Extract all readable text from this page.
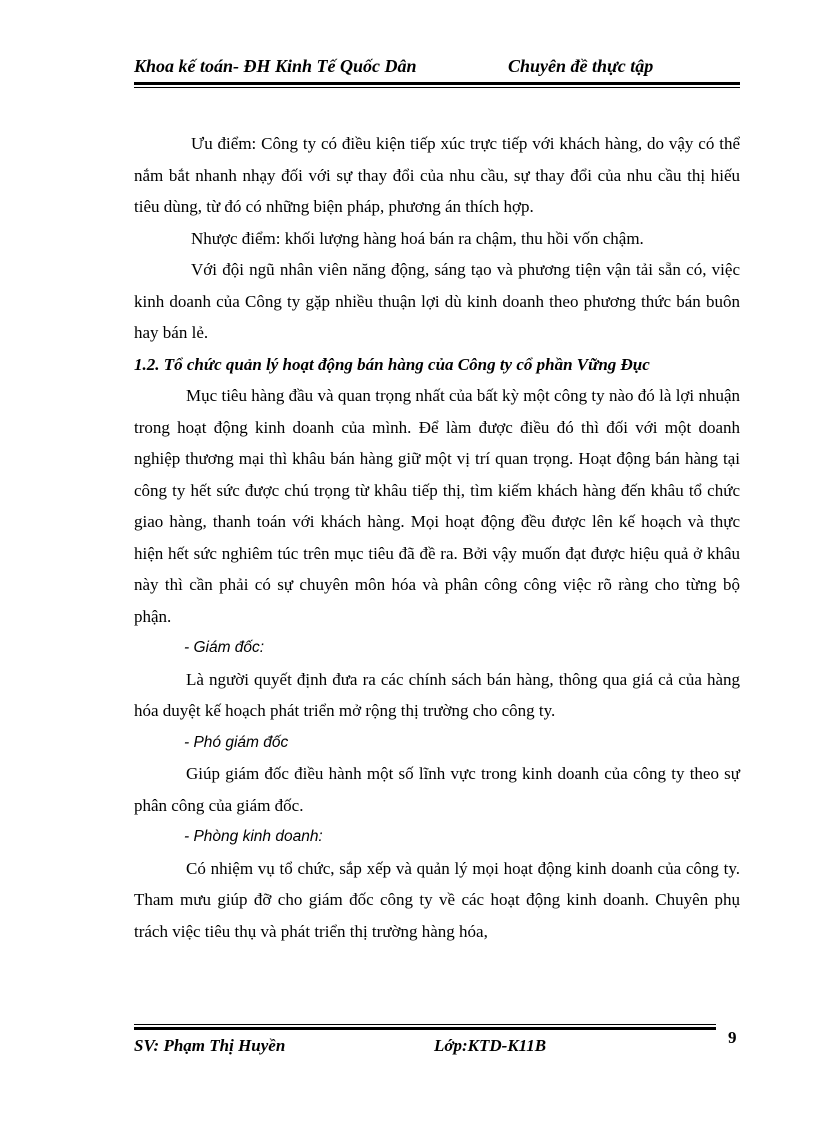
Khoa kế toán- ĐH Kinh Tế Quốc Dân	Chuyên đề thực tập

Ưu điểm: Công ty có điều kiện tiếp xúc trực tiếp với khách hàng, do vậy có thể nắm bắt nhanh nhạy đối với sự thay đổi của nhu cầu, sự thay đổi của nhu cầu thị hiếu tiêu dùng, từ đó có những biện pháp, phương án thích hợp.

Nhược điểm: khối lượng hàng hoá bán ra chậm, thu hồi vốn chậm.

Với đội ngũ nhân viên năng động, sáng tạo và phương tiện vận tải sẵn có, việc kinh doanh của Công ty gặp nhiều thuận lợi dù kinh doanh theo phương thức bán buôn hay bán lẻ.

1.2. Tổ chức quản lý hoạt động bán hàng của Công ty cổ phần Vững Đục

Mục tiêu hàng đầu và quan trọng nhất của bất kỳ một công ty nào đó là lợi nhuận trong hoạt động kinh doanh của mình. Để làm được điều đó thì đối với một doanh nghiệp thương mại thì khâu bán hàng giữ một vị trí quan trọng. Hoạt động bán hàng tại công ty hết sức được chú trọng từ khâu tiếp thị, tìm kiếm khách hàng đến khâu tổ chức giao hàng, thanh toán với khách hàng. Mọi hoạt động đều được lên kế hoạch và thực hiện hết sức nghiêm túc trên mục tiêu đã đề ra. Bởi vậy muốn đạt được hiệu quả ở khâu này thì cần phải có sự chuyên môn hóa và phân công công việc rõ ràng cho từng bộ phận.

- Giám đốc:

Là người quyết định đưa ra các chính sách bán hàng, thông qua giá cả của hàng hóa duyệt kế hoạch phát triển mở rộng thị trường cho công ty.

- Phó giám đốc

Giúp giám đốc điều hành một số lĩnh vực trong kinh doanh của công ty theo sự phân công của giám đốc.

- Phòng kinh doanh:

Có nhiệm vụ tổ chức, sắp xếp và quản lý mọi hoạt động kinh doanh của công ty. Tham mưu giúp đỡ cho giám đốc công ty về các hoạt động kinh doanh. Chuyên phụ trách việc tiêu thụ và phát triển thị trường hàng hóa,

SV: Phạm Thị Huyền	Lớp:KTD-K11B	9
